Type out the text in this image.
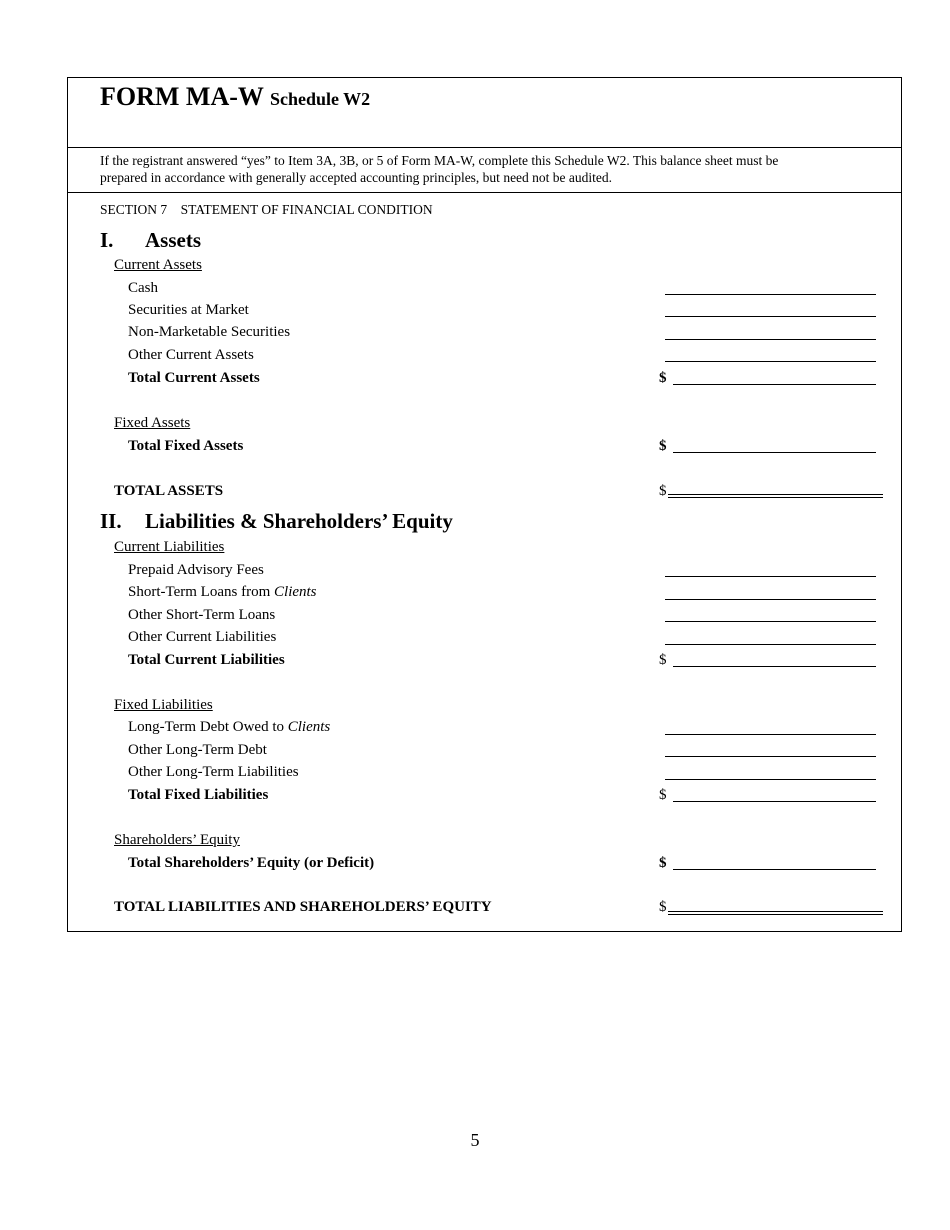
FORM MA-W Schedule W2
If the registrant answered “yes” to Item 3A, 3B, or 5 of Form MA-W, complete this Schedule W2. This balance sheet must be
prepared in accordance with generally accepted accounting principles, but need not be audited.
SECTION 7 STATEMENT OF FINANCIAL CONDITION
I. Assets
Current Assets
Cash
Securities at Market
Non-Marketable Securities
Other Current Assets
Total Current Assets	$
Fixed Assets
Total Fixed Assets	$
TOTAL ASSETS	$
II. Liabilities & Shareholders’ Equity
Current Liabilities
Prepaid Advisory Fees
Short-Term Loans from Clients
Other Short-Term Loans
Other Current Liabilities
Total Current Liabilities	$
Fixed Liabilities
Long-Term Debt Owed to Clients
Other Long-Term Debt
Other Long-Term Liabilities
Total Fixed Liabilities	$
Shareholders’ Equity
Total Shareholders’ Equity (or Deficit)	$
TOTAL LIABILITIES AND SHAREHOLDERS’ EQUITY	$
5
